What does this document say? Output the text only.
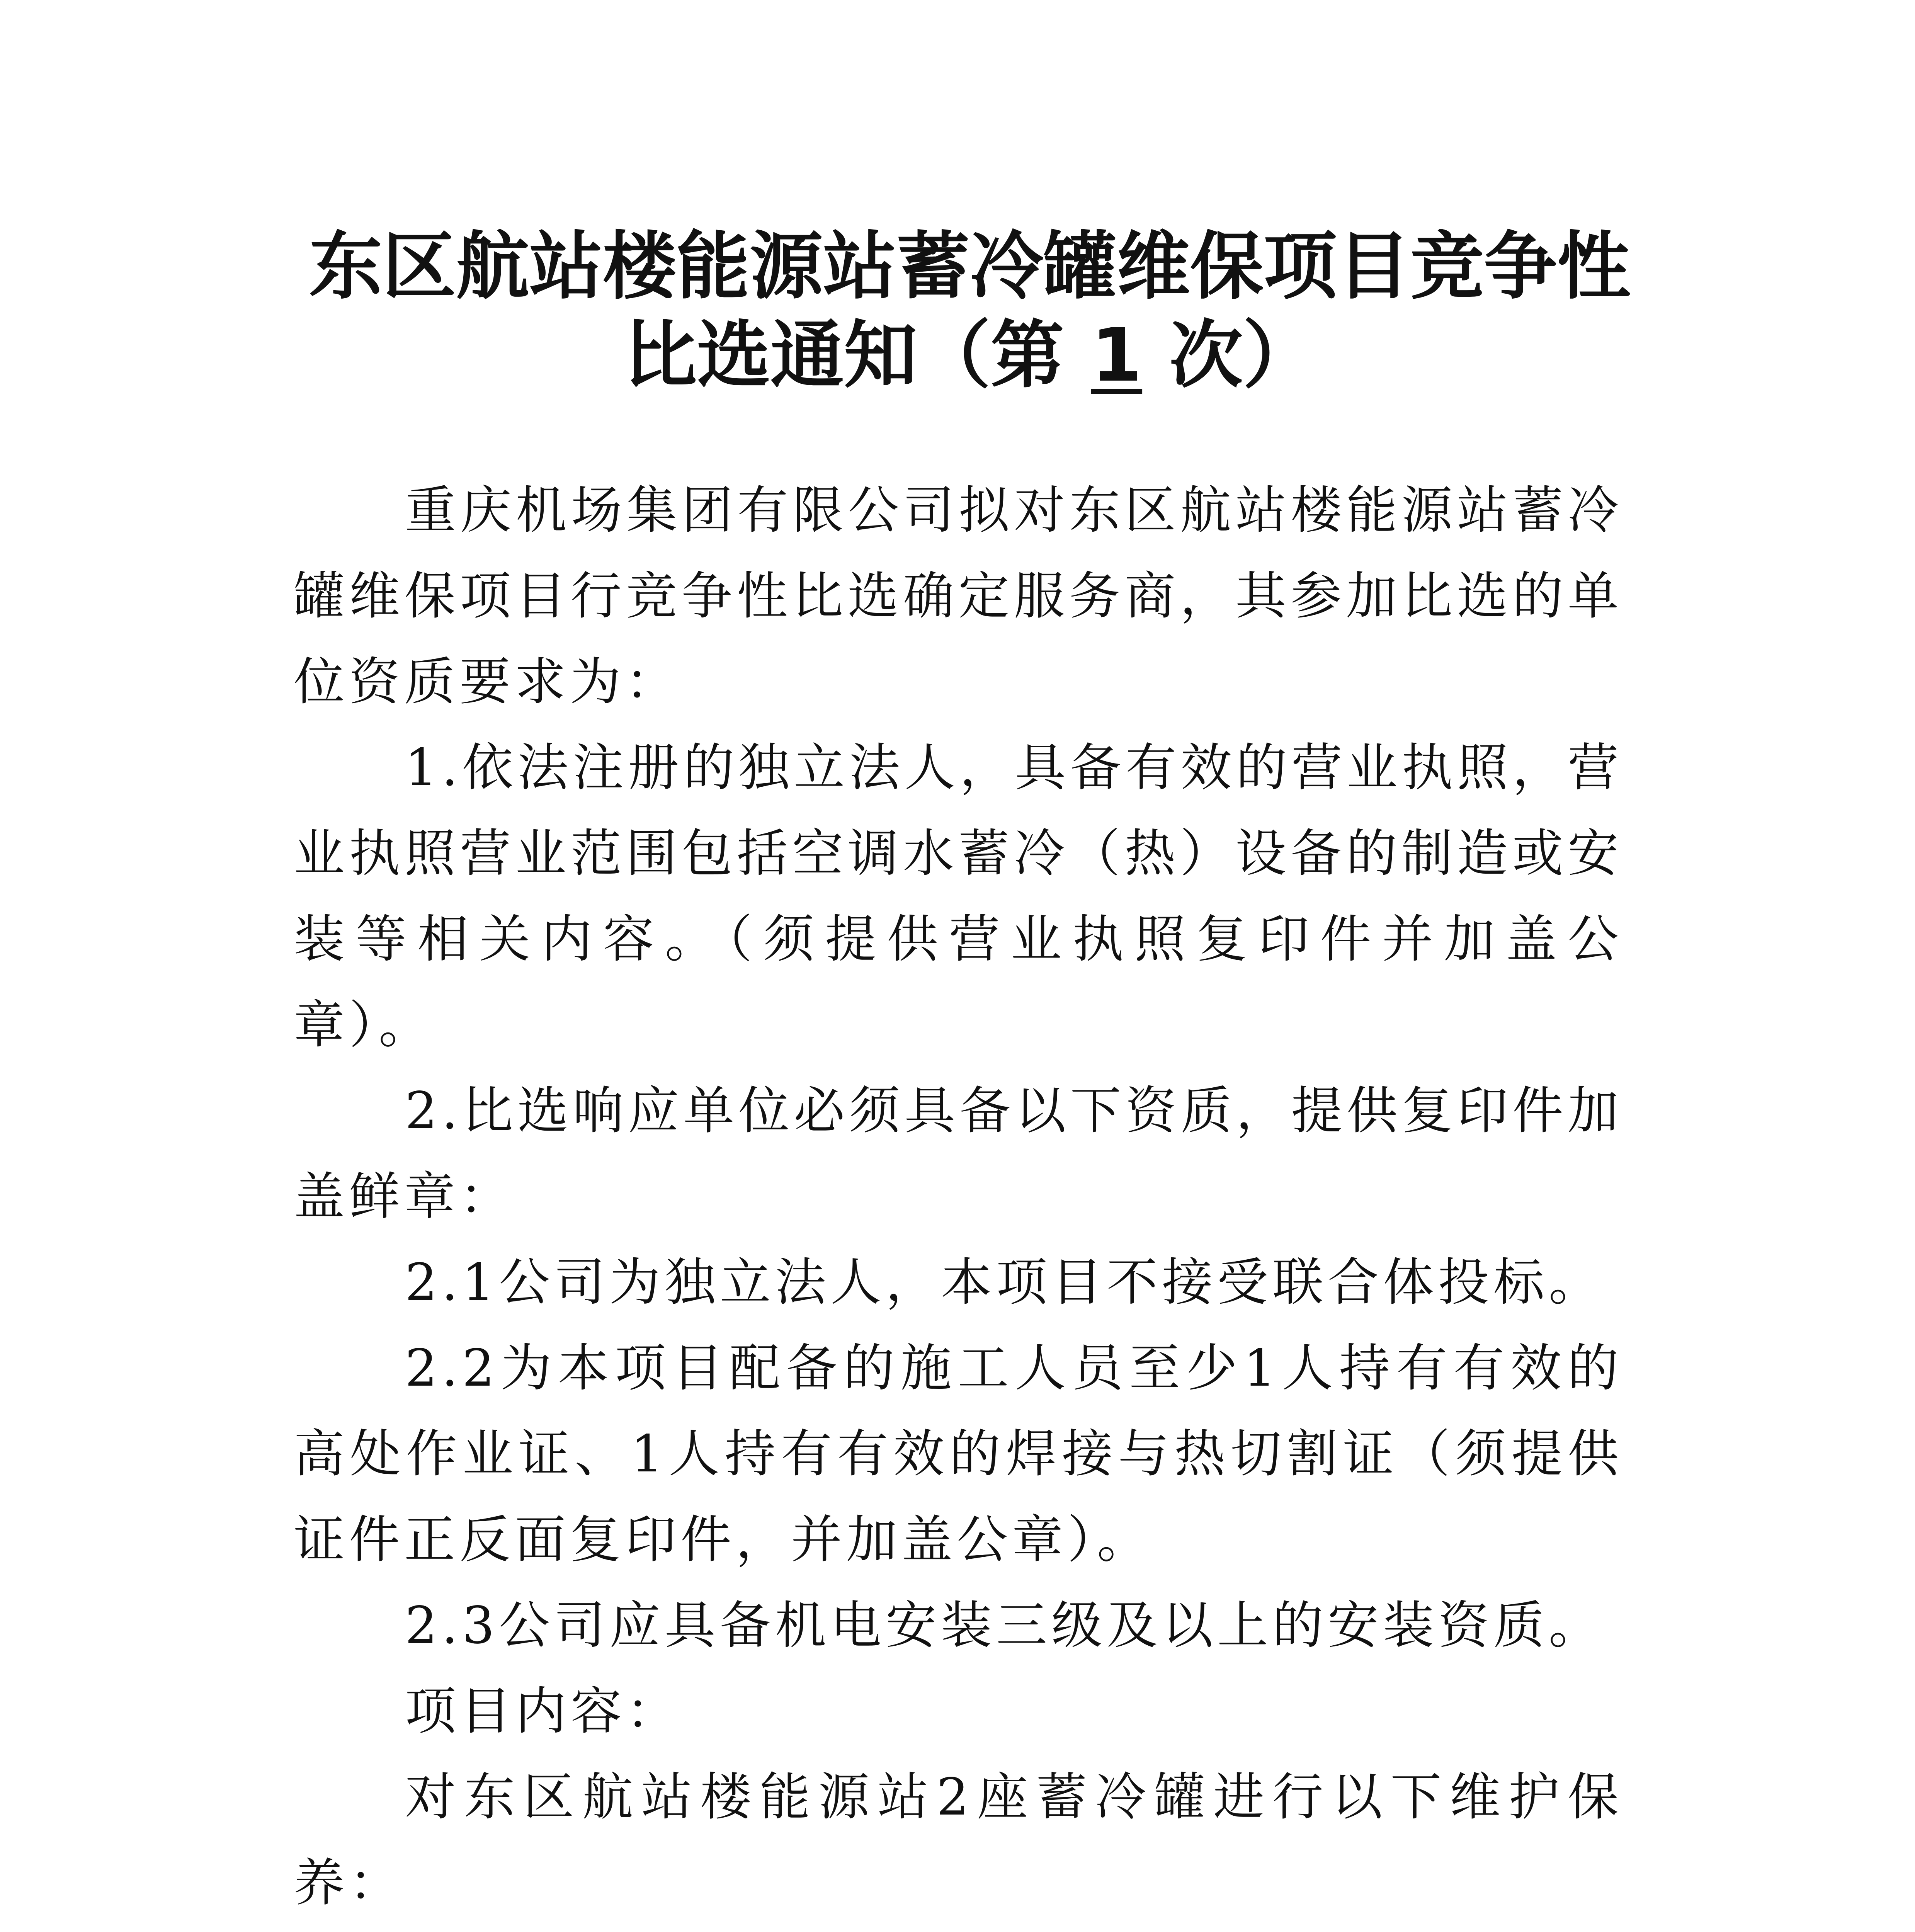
东区航站楼能源站蓄冷罐维保项目竞争性
比选通知（第 1 次）

重庆机场集团有限公司拟对东区航站楼能源站蓄冷罐维保项目行竞争性比选确定服务商，其参加比选的单位资质要求为：

1.依法注册的独立法人，具备有效的营业执照，营业执照营业范围包括空调水蓄冷（热）设备的制造或安装等相关内容。（须提供营业执照复印件并加盖公章）。

2.比选响应单位必须具备以下资质，提供复印件加盖鲜章：

2.1公司为独立法人，本项目不接受联合体投标。

2.2为本项目配备的施工人员至少1人持有有效的高处作业证、1人持有有效的焊接与热切割证（须提供证件正反面复印件，并加盖公章）。

2.3公司应具备机电安装三级及以上的安装资质。

项目内容：

对东区航站楼能源站2座蓄冷罐进行以下维护保养：
